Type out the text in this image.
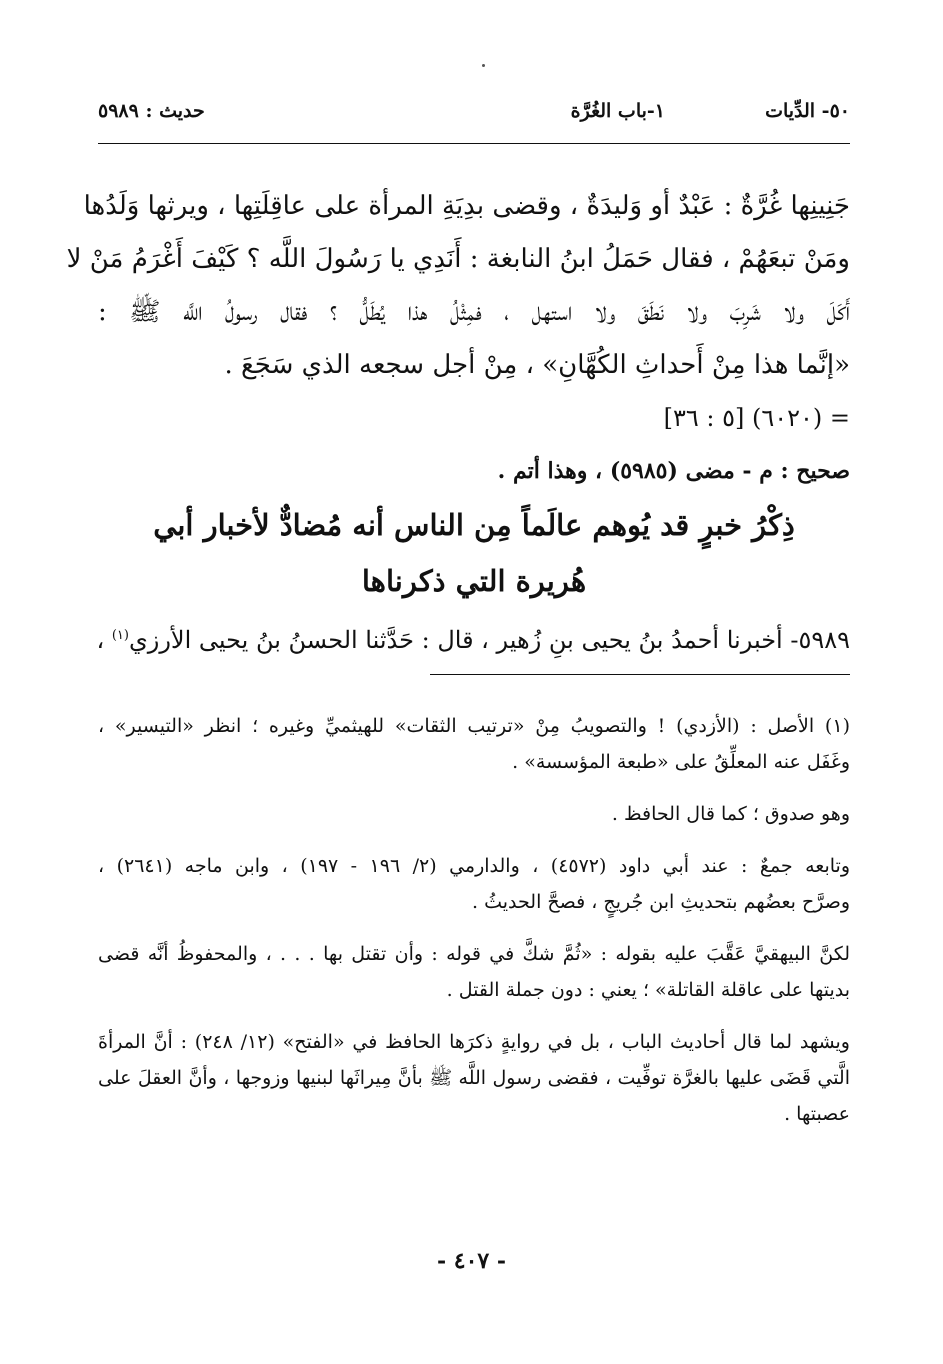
٥٠- الدِّيات
١-باب الغُرَّة
حديث : ٥٩٨٩
جَنِينِها غُرَّةٌ : عَبْدٌ أو وَليدَةٌ ، وقضى بدِيَةِ المرأة على عاقِلَتِها ، ويرثها وَلَدُها
ومَنْ تبعَهُمْ ، فقال حَمَلُ ابنُ النابغة : أَنَدِي يا رَسُولَ اللَّه ؟ كَيْفَ أَغْرَمُ مَنْ لا
أَكَلَ ولا شَرِبَ ولا نَطَقَ ولا استهل ، فمِثْلُ هذا يُطَلُّ ؟ فقال رسولُ اللَّه ﷺ :
«إنَّما هذا مِنْ أَحداثِ الكُهَّانِ» ، مِنْ أجل سجعه الذي سَجَعَ .
= (٦٠٢٠) [٥ : ٣٦]
صحيح : م - مضى (٥٩٨٥) ، وهذا أتم .
ذِكْرُ خبرٍ قد يُوهم عالَماً مِن الناس أنه مُضادٌّ لأخبار أبي
هُريرة التي ذكرناها
٥٩٨٩- أخبرنا أحمدُ بنُ يحيى بنِ زُهير ، قال : حَدَّثنا الحسنُ بنُ يحيى الأرزي$^{(١)}$ ،
(١) الأصل : (الأزدي) ! والتصويبُ مِنْ «ترتيب الثقات» للهيثميِّ وغيره ؛ انظر «التيسير» ،
وغَفَل عنه المعلِّقُ على «طبعة المؤسسة» .
وهو صدوق ؛ كما قال الحافظ .
وتابعه جمعٌ : عند أبي داود (٤٥٧٢) ، والدارمي (٢/ ١٩٦ - ١٩٧) ، وابن ماجه (٢٦٤١) ،
وصرَّح بعضُهم بتحديثِ ابن جُريجٍ ، فصحَّ الحديثُ .
لكنَّ البيهقيَّ عَقَّبَ عليه بقوله : «ثُمَّ شكَّ في قوله : وأن تقتل بها . . . ، والمحفوظُ أنَّه قضى
بديتها على عاقلة القاتلة» ؛ يعني : دون جملة القتل .
ويشهد لما قال أحاديث الباب ، بل في روايةٍ ذكرَها الحافظ في «الفتح» (١٢/ ٢٤٨) : أنَّ المرأةَ
الَّتي قَضَى عليها بالغرَّة توفِّيت ، فقضى رسول اللَّه ﷺ بأنَّ مِيراثَها لبنيها وزوجها ، وأنَّ العقلَ على
عصبتها .
- ٤٠٧ -
